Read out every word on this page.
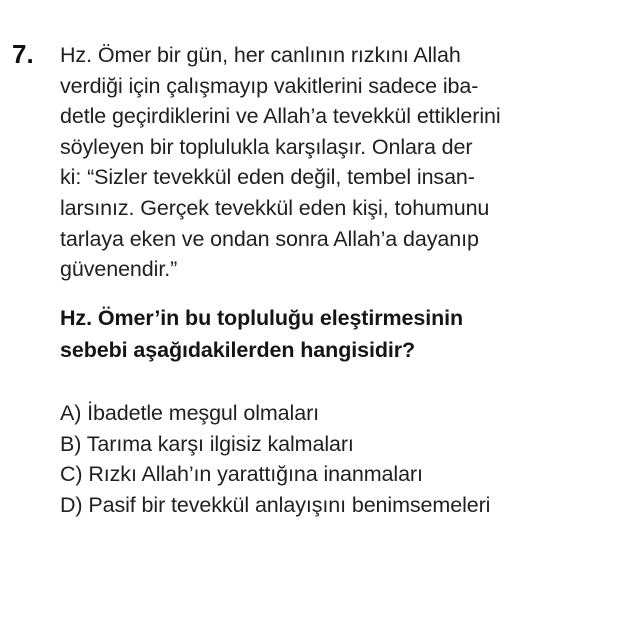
7. Hz. Ömer bir gün, her canlının rızkını Allah
verdiği için çalışmayıp vakitlerini sadece iba-
detle geçirdiklerini ve Allah’a tevekkül ettiklerini
söyleyen bir toplulukla karşılaşır. Onlara der
ki: “Sizler tevekkül eden değil, tembel insan-
larsınız. Gerçek tevekkül eden kişi, tohumunu
tarlaya eken ve ondan sonra Allah’a dayanıp
güvenendir.”
Hz. Ömer’in bu topluluğu eleştirmesinin
sebebi aşağıdakilerden hangisidir?
A) İbadetle meşgul olmaları
B) Tarıma karşı ilgisiz kalmaları
C) Rızkı Allah’ın yarattığına inanmaları
D) Pasif bir tevekkül anlayışını benimsemeleri
